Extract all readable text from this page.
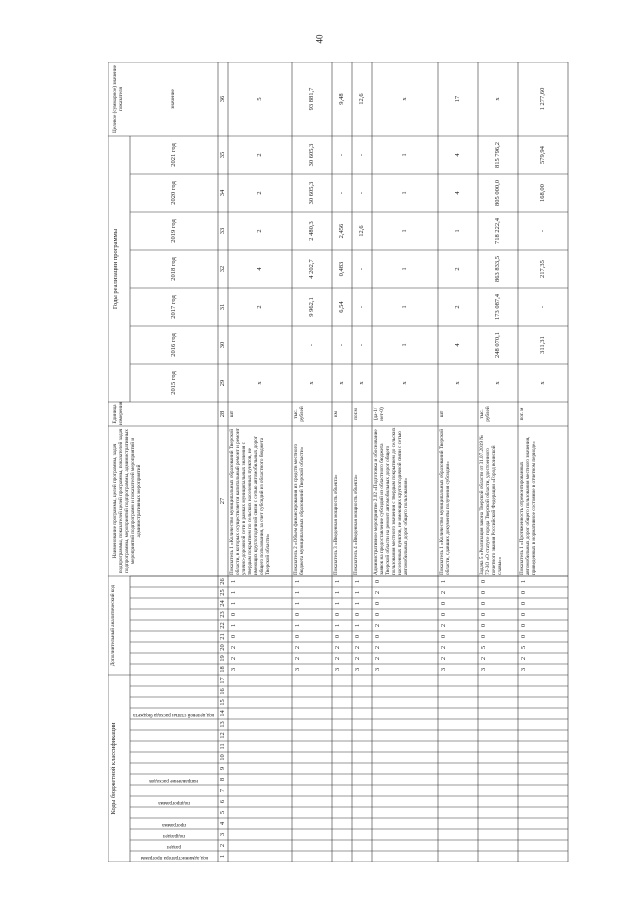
40
Коды бюджетной классификации
Дополнительный аналитический код
Наименование программы, целей программы, задач подпрограммы, показателей целей программы, показателей задач подпрограммы, мероприятий подпрограммы, административных мероприятий подпрограмм и показателей мероприятий и административных мероприятий
Единица измерения
Годы реализации программы
2015 год
2016 год
2017 год
2018 год
2019 год
2020 год
2021 год
Целевое (суммарное) значение показателя	значение
код администратора программ
раздел
подраздел
программа
подпрограмма
направление расходов
код целевой статьи расхода бюджета
1
2
3
4
5
6
7
8
9
10
11
12
13
14
15
16
17
18
19
20
21
22
23
24
25
26
27
28
29
30
31
32
33
34
35
36
3
2
2
0
1
0
1
1
1
Показатель 1 «Количество муниципальных образований Тверской области, в которых осуществляется капитальный ремонт и ремонт улично-дорожной сети в рамках муниципальных значения с твердым покрытием по сельских населенных пунктов, не имеющих круглогодичной связи с сетью автомобильных дорог общего пользования, за счет субсидий из областного бюджета Тверской области»
шт
х
2
4
2
2
2
5
3
2
2
0
1
0
1
1
1
Показатель 2 «Объем финансирования из средств местного бюджета муниципальных образований Тверской области»
тыс. рублей
х
-
9 962,1
4 202,7
2 480,3
30 605,3
30 605,3
93 881,7
3
2
2
0
1
0
1
1
1
Показатель 3 «Введенная мощность объекта»
км
х
-
6,54
0,483
2,456
-
-
9,48
3
2
2
0
1
0
1
1
1
Показатель 4 «Введенная мощность объекта»
пог.м
х
-
-
-
12,6
-
-
12,6
3
2
2
0
2
0
0
2
0
Административное мероприятие 2.02 «Подготовка и обоснование заявок на предоставление субсидий из областного бюджета Тверской области на ремонт автомобильных дорог общего пользования местного значения с твердым покрытием до сельских населенных пунктов, не имеющих круглогодичной связи с сетью автомобильных дорог общего пользования»
(да-1/нет-0)
х
1
1
1
1
1
1
х
3
2
2
0
2
0
0
2
1
Показатель 1 «Количество муниципальных образований Тверской области, сдавших документы получения субсидии»
шт
х
4
2
2
1
4
4
17
3
2
5
0
0
0
0
0
0
Задача 5 «Реализация закона Тверской области от 31.07.2019 № 72-ЗО «О статусе города Тверской области, удостоенного почетного звания Российской Федерации «Город воинской славы»»
тыс. рублей
х
248 070,1
173 087,4
863 833,5
718 222,4
805 000,0
815 796,2
х
3
2
5
0
0
0
0
0
1
Показатель 1 «Протяженность отремонтированных автомобильных дорог общего пользования местного значения, приведенных в нормативное состояние в отчетном периоде»
пог. м
х
311,31
-
217,35
-
168,00
579,94
1 277,60
